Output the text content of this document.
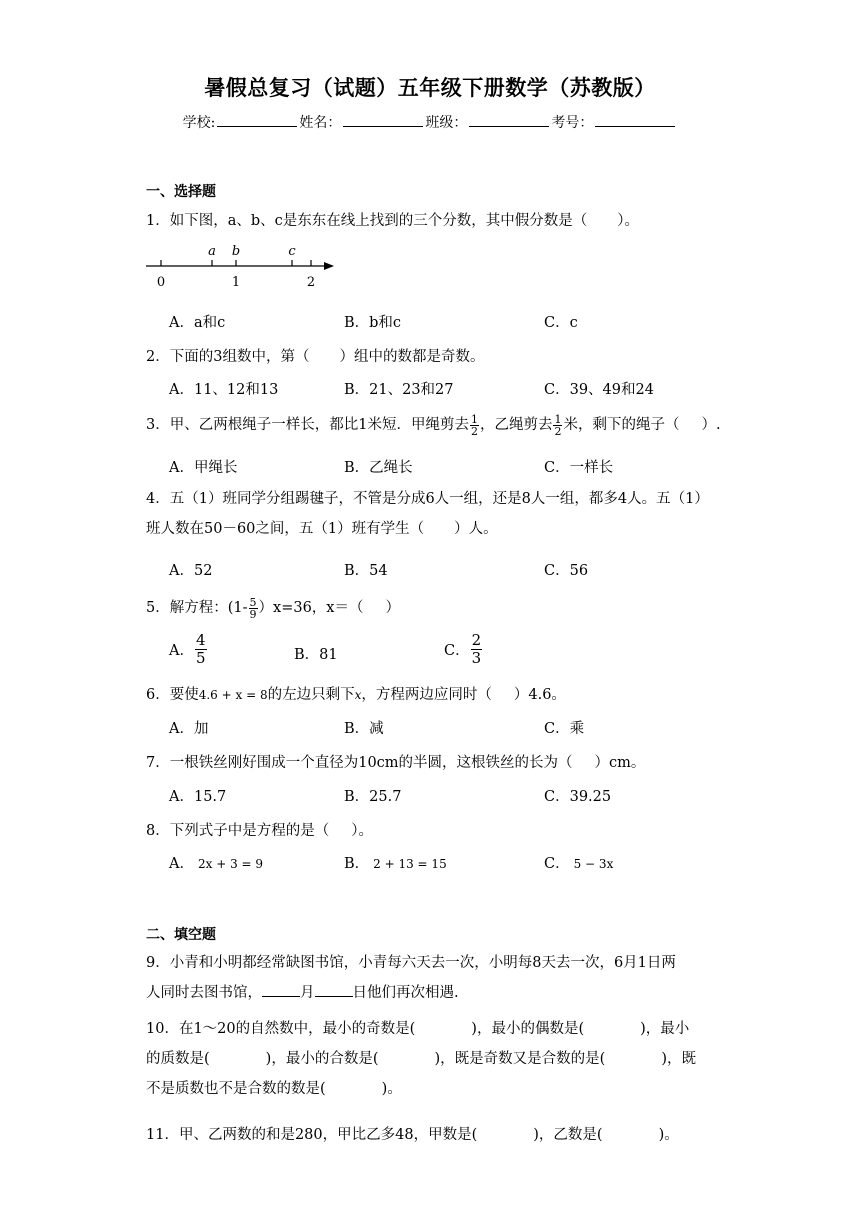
暑假总复习（试题）五年级下册数学（苏教版）
学校:	姓名：	班级：	考号：
一、选择题
1．如下图，a、b、c是东东在线上找到的三个分数，其中假分数是（ ）。
a b	c
0	1	2
A．a和c	B．b和c	C．c
2．下面的3组数中，第（ ）组中的数都是奇数。
A．11、12和13	B．21、23和27	C．39、49和24
3．甲、乙两根绳子一样长，都比1米短．甲绳剪去 $\frac{1}{2}$ ，乙绳剪去 $\frac{1}{2}$ 米，剩下的绳子（ ）.
A．甲绳长	B．乙绳长	C．一样长
4．五（1）班同学分组踢毽子，不管是分成6人一组，还是8人一组，都多4人。五（1）
班人数在50－60之间，五（1）班有学生（ ）人。
A．52	B．54	C．56
5．解方程：$(1- \frac{5}{9} )x=36$，x＝（ ）
A． $\frac{4}{5}$	B．81	C． $\frac{2}{3}$
6．要使4.6 + x = 8的左边只剩下x，方程两边应同时（ ）4.6。
A．加	B．减	C．乘
7．一根铁丝刚好围成一个直径为10cm的半圆，这根铁丝的长为（ ）cm。
A．15.7	B．25.7	C．39.25
8．下列式子中是方程的是（ ）。
A． 2x + 3 = 9	B． 2 + 13 = 15	C． 5 − 3x
二、填空题
9．小青和小明都经常缺图书馆，小青每六天去一次，小明每8天去一次，6月1日两
人同时去图书馆，	月	日他们再次相遇.
10．在1～20的自然数中，最小的奇数是(	)，最小的偶数是(	)，最小
的质数是(	)，最小的合数是(	)，既是奇数又是合数的是(	)，既
不是质数也不是合数的数是(	)。
11．甲、乙两数的和是280，甲比乙多48，甲数是(	)，乙数是(	)。
